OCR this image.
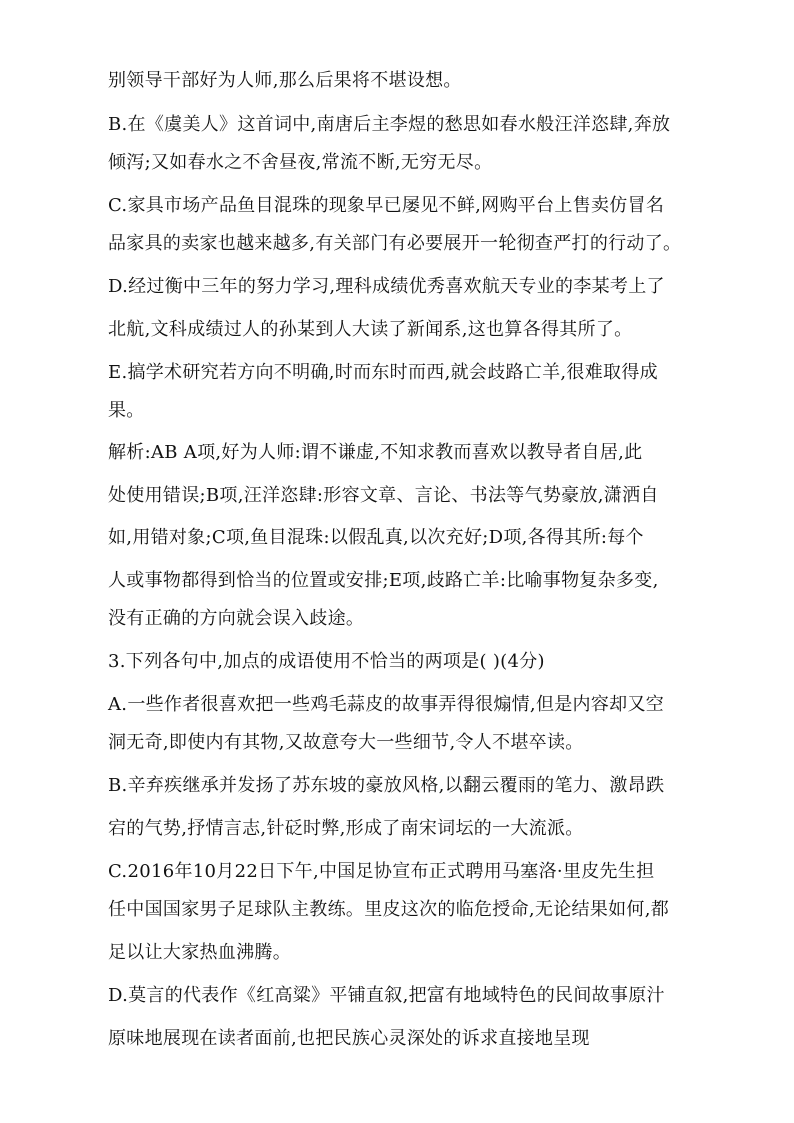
别领导干部好为人师,那么后果将不堪设想。
B.在《虞美人》这首词中,南唐后主李煜的愁思如春水般汪洋恣肆,奔放
倾泻;又如春水之不舍昼夜,常流不断,无穷无尽。
C.家具市场产品鱼目混珠的现象早已屡见不鲜,网购平台上售卖仿冒名
品家具的卖家也越来越多,有关部门有必要展开一轮彻查严打的行动了。
D.经过衡中三年的努力学习,理科成绩优秀喜欢航天专业的李某考上了
北航,文科成绩过人的孙某到人大读了新闻系,这也算各得其所了。
E.搞学术研究若方向不明确,时而东时而西,就会歧路亡羊,很难取得成
果。
解析:AB A项,好为人师:谓不谦虚,不知求教而喜欢以教导者自居,此
处使用错误;B项,汪洋恣肆:形容文章、言论、书法等气势豪放,潇洒自
如,用错对象;C项,鱼目混珠:以假乱真,以次充好;D项,各得其所:每个
人或事物都得到恰当的位置或安排;E项,歧路亡羊:比喻事物复杂多变,
没有正确的方向就会误入歧途。
3.下列各句中,加点的成语使用不恰当的两项是( )(4分)
A.一些作者很喜欢把一些鸡毛蒜皮的故事弄得很煽情,但是内容却又空
洞无奇,即使内有其物,又故意夸大一些细节,令人不堪卒读。
B.辛弃疾继承并发扬了苏东坡的豪放风格,以翻云覆雨的笔力、激昂跌
宕的气势,抒情言志,针砭时弊,形成了南宋词坛的一大流派。
C.2016年10月22日下午,中国足协宣布正式聘用马塞洛·里皮先生担
任中国国家男子足球队主教练。里皮这次的临危授命,无论结果如何,都
足以让大家热血沸腾。
D.莫言的代表作《红高粱》平铺直叙,把富有地域特色的民间故事原汁
原味地展现在读者面前,也把民族心灵深处的诉求直接地呈现
